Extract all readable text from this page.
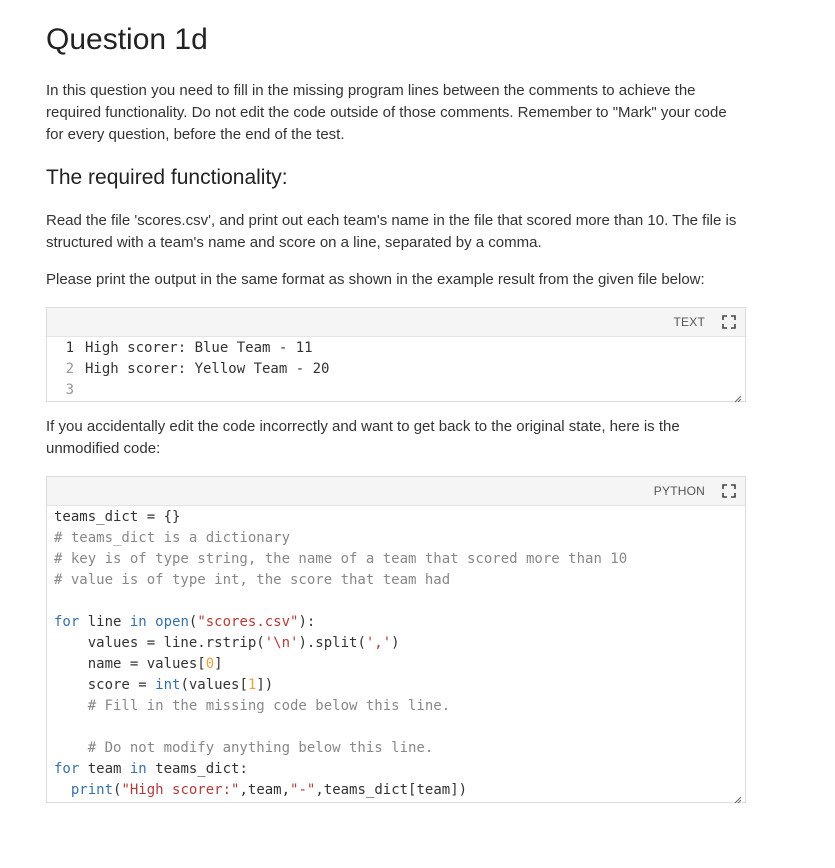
Question 1d

In this question you need to fill in the missing program lines between the comments to achieve the required functionality. Do not edit the code outside of those comments. Remember to "Mark" your code for every question, before the end of the test.

The required functionality:

Read the file 'scores.csv', and print out each team's name in the file that scored more than 10. The file is structured with a team's name and score on a line, separated by a comma.

Please print the output in the same format as shown in the example result from the given file below:

TEXT
1 High scorer: Blue Team - 11
2 High scorer: Yellow Team - 20
3

If you accidentally edit the code incorrectly and want to get back to the original state, here is the unmodified code:

PYTHON
teams_dict = {}
# teams_dict is a dictionary
# key is of type string, the name of a team that scored more than 10
# value is of type int, the score that team had
for line in open("scores.csv"):
values = line.rstrip('\n').split(',')
name = values[0]
score = int(values[1])
# Fill in the missing code below this line.
# Do not modify anything below this line.
for team in teams_dict:
print("High scorer:",team,"-",teams_dict[team])
